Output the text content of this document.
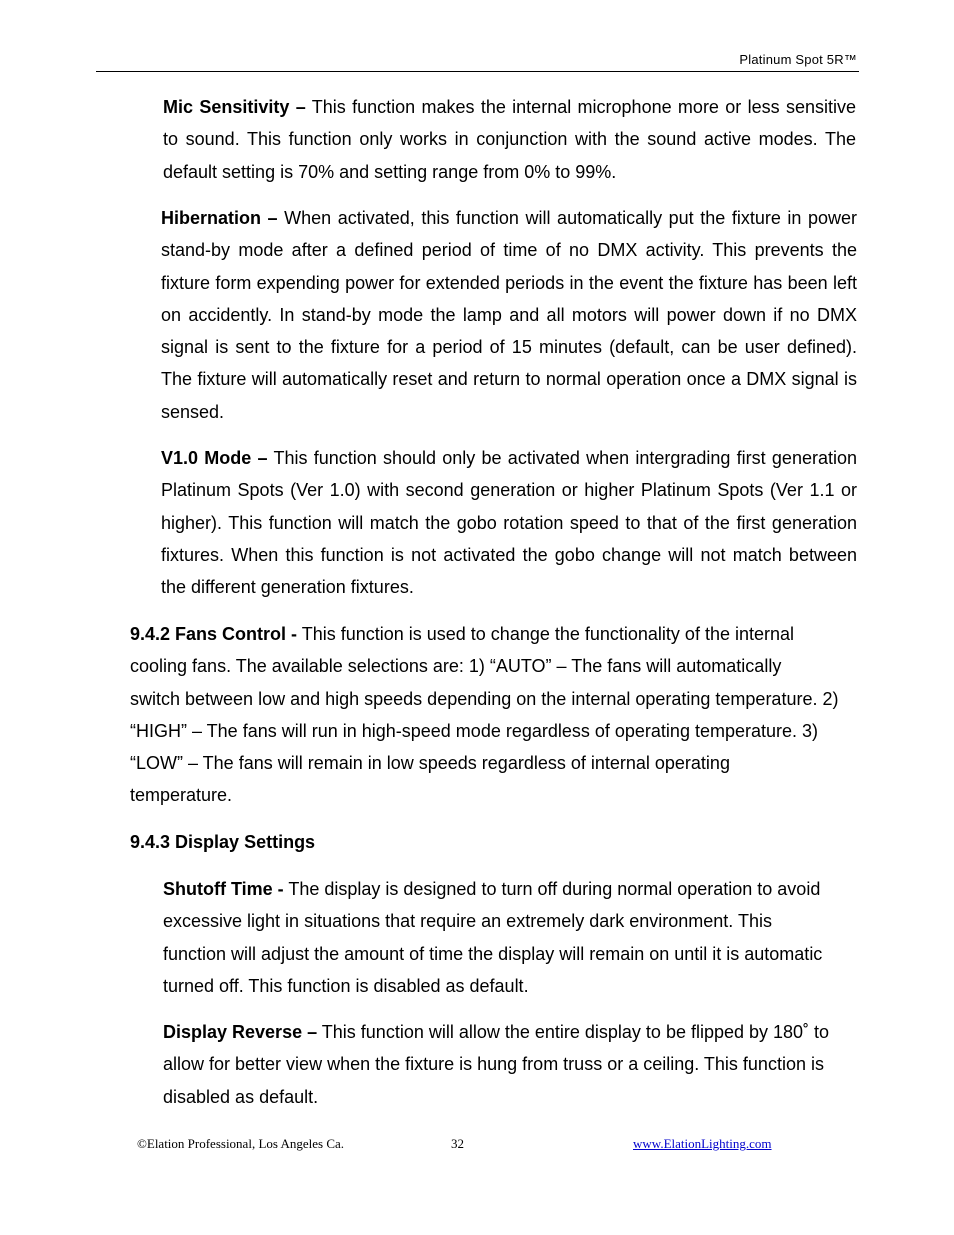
Platinum Spot 5R™

Mic Sensitivity – This function makes the internal microphone more or less sensitive to sound. This function only works in conjunction with the sound active modes. The default setting is 70% and setting range from 0% to 99%.

Hibernation – When activated, this function will automatically put the fixture in power stand-by mode after a defined period of time of no DMX activity. This prevents the fixture form expending power for extended periods in the event the fixture has been left on accidently. In stand-by mode the lamp and all motors will power down if no DMX signal is sent to the fixture for a period of 15 minutes (default, can be user defined). The fixture will automatically reset and return to normal operation once a DMX signal is sensed.

V1.0 Mode – This function should only be activated when intergrading first generation Platinum Spots (Ver 1.0) with second generation or higher Platinum Spots (Ver 1.1 or higher). This function will match the gobo rotation speed to that of the first generation fixtures. When this function is not activated the gobo change will not match between the different generation fixtures.

9.4.2 Fans Control - This function is used to change the functionality of the internal
cooling fans. The available selections are: 1) “AUTO” – The fans will automatically
switch between low and high speeds depending on the internal operating temperature. 2)
“HIGH” – The fans will run in high-speed mode regardless of operating temperature. 3)
“LOW” – The fans will remain in low speeds regardless of internal operating
temperature.

9.4.3 Display Settings

Shutoff Time - The display is designed to turn off during normal operation to avoid
excessive light in situations that require an extremely dark environment. This
function will adjust the amount of time the display will remain on until it is automatic
turned off. This function is disabled as default.

Display Reverse – This function will allow the entire display to be flipped by 180˚ to
allow for better view when the fixture is hung from truss or a ceiling. This function is
disabled as default.

©Elation Professional, Los Angeles Ca.	32	www.ElationLighting.com
